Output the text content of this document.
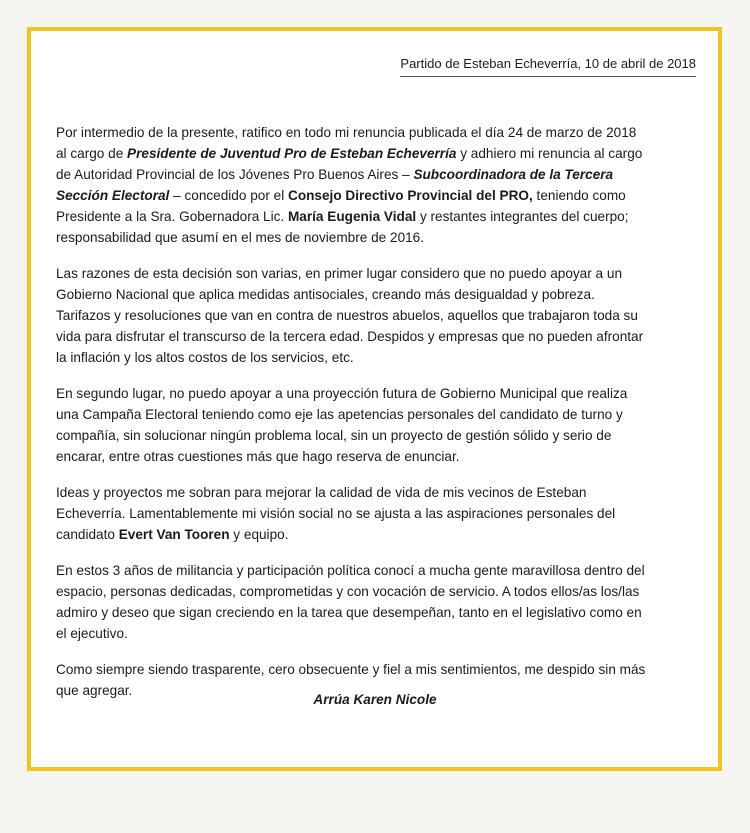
Partido de Esteban Echeverría, 10 de abril de 2018

Por intermedio de la presente, ratifico en todo mi renuncia publicada el día 24 de marzo de 2018 al cargo de Presidente de Juventud Pro de Esteban Echeverría y adhiero mi renuncia al cargo de Autoridad Provincial de los Jóvenes Pro Buenos Aires – Subcoordinadora de la Tercera Sección Electoral – concedido por el Consejo Directivo Provincial del PRO, teniendo como Presidente a la Sra. Gobernadora Lic. María Eugenia Vidal y restantes integrantes del cuerpo; responsabilidad que asumí en el mes de noviembre de 2016.

Las razones de esta decisión son varias, en primer lugar considero que no puedo apoyar a un Gobierno Nacional que aplica medidas antisociales, creando más desigualdad y pobreza. Tarifazos y resoluciones que van en contra de nuestros abuelos, aquellos que trabajaron toda su vida para disfrutar el transcurso de la tercera edad. Despidos y empresas que no pueden afrontar la inflación y los altos costos de los servicios, etc.

En segundo lugar, no puedo apoyar a una proyección futura de Gobierno Municipal que realiza una Campaña Electoral teniendo como eje las apetencias personales del candidato de turno y compañía, sin solucionar ningún problema local, sin un proyecto de gestión sólido y serio de encarar, entre otras cuestiones más que hago reserva de enunciar.

Ideas y proyectos me sobran para mejorar la calidad de vida de mis vecinos de Esteban Echeverría. Lamentablemente mi visión social no se ajusta a las aspiraciones personales del candidato Evert Van Tooren y equipo.

En estos 3 años de militancia y participación política conocí a mucha gente maravillosa dentro del espacio, personas dedicadas, comprometidas y con vocación de servicio. A todos ellos/as los/las admiro y deseo que sigan creciendo en la tarea que desempeñan, tanto en el legislativo como en el ejecutivo.

Como siempre siendo trasparente, cero obsecuente y fiel a mis sentimientos, me despido sin más que agregar.

Arrúa Karen Nicole
